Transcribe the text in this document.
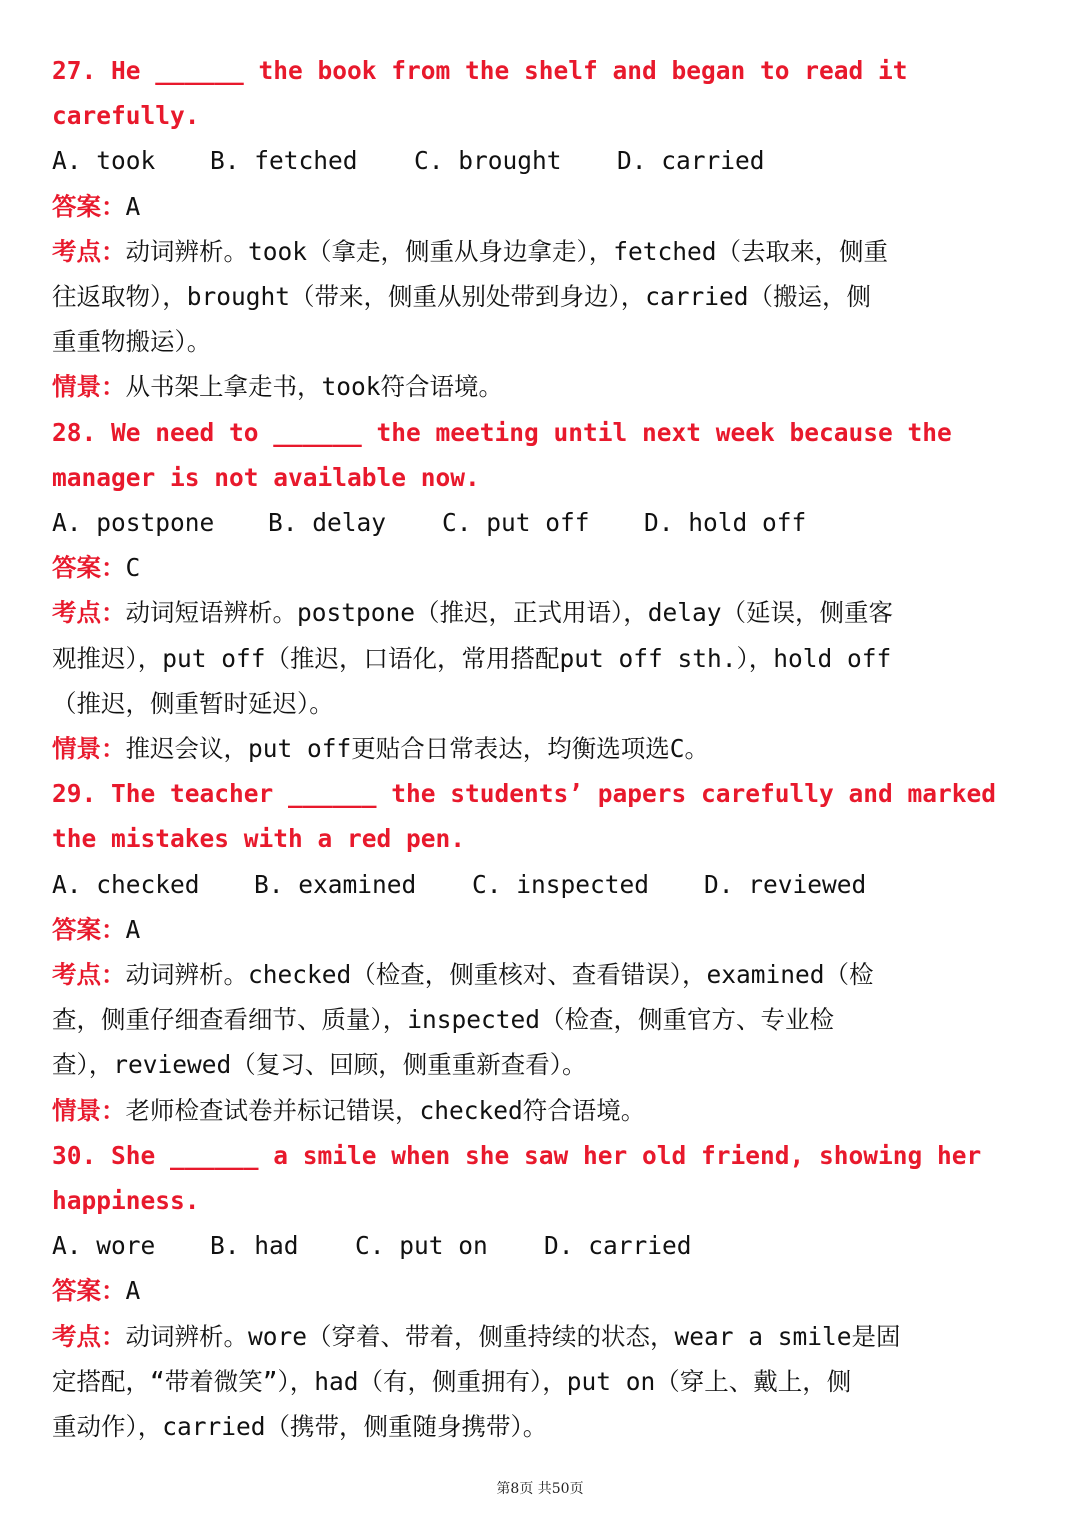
27. He ______ the book from the shelf and began to read it

carefully.

A. took B. fetched C. brought D. carried

答案：A

考点：动词辨析。took（拿走，侧重从身边拿走），fetched（去取来，侧重

往返取物），brought（带来，侧重从别处带到身边），carried（搬运，侧

重重物搬运）。

情景：从书架上拿走书，took符合语境。

28. We need to ______ the meeting until next week because the

manager is not available now.

A. postpone B. delay C. put off D. hold off

答案：C

考点：动词短语辨析。postpone（推迟，正式用语），delay（延误，侧重客

观推迟），put off（推迟，口语化，常用搭配put off sth.），hold off

（推迟，侧重暂时延迟）。

情景：推迟会议，put off更贴合日常表达，均衡选项选C。

29. The teacher ______ the students’ papers carefully and marked

the mistakes with a red pen.

A. checked B. examined C. inspected D. reviewed

答案：A

考点：动词辨析。checked（检查，侧重核对、查看错误），examined（检

查，侧重仔细查看细节、质量），inspected（检查，侧重官方、专业检

查），reviewed（复习、回顾，侧重重新查看）。

情景：老师检查试卷并标记错误，checked符合语境。

30. She ______ a smile when she saw her old friend, showing her

happiness.

A. wore B. had C. put on D. carried

答案：A

考点：动词辨析。wore（穿着、带着，侧重持续的状态，wear a smile是固

定搭配，“带着微笑”），had（有，侧重拥有），put on（穿上、戴上，侧

重动作），carried（携带，侧重随身携带）。

第8页 共50页
